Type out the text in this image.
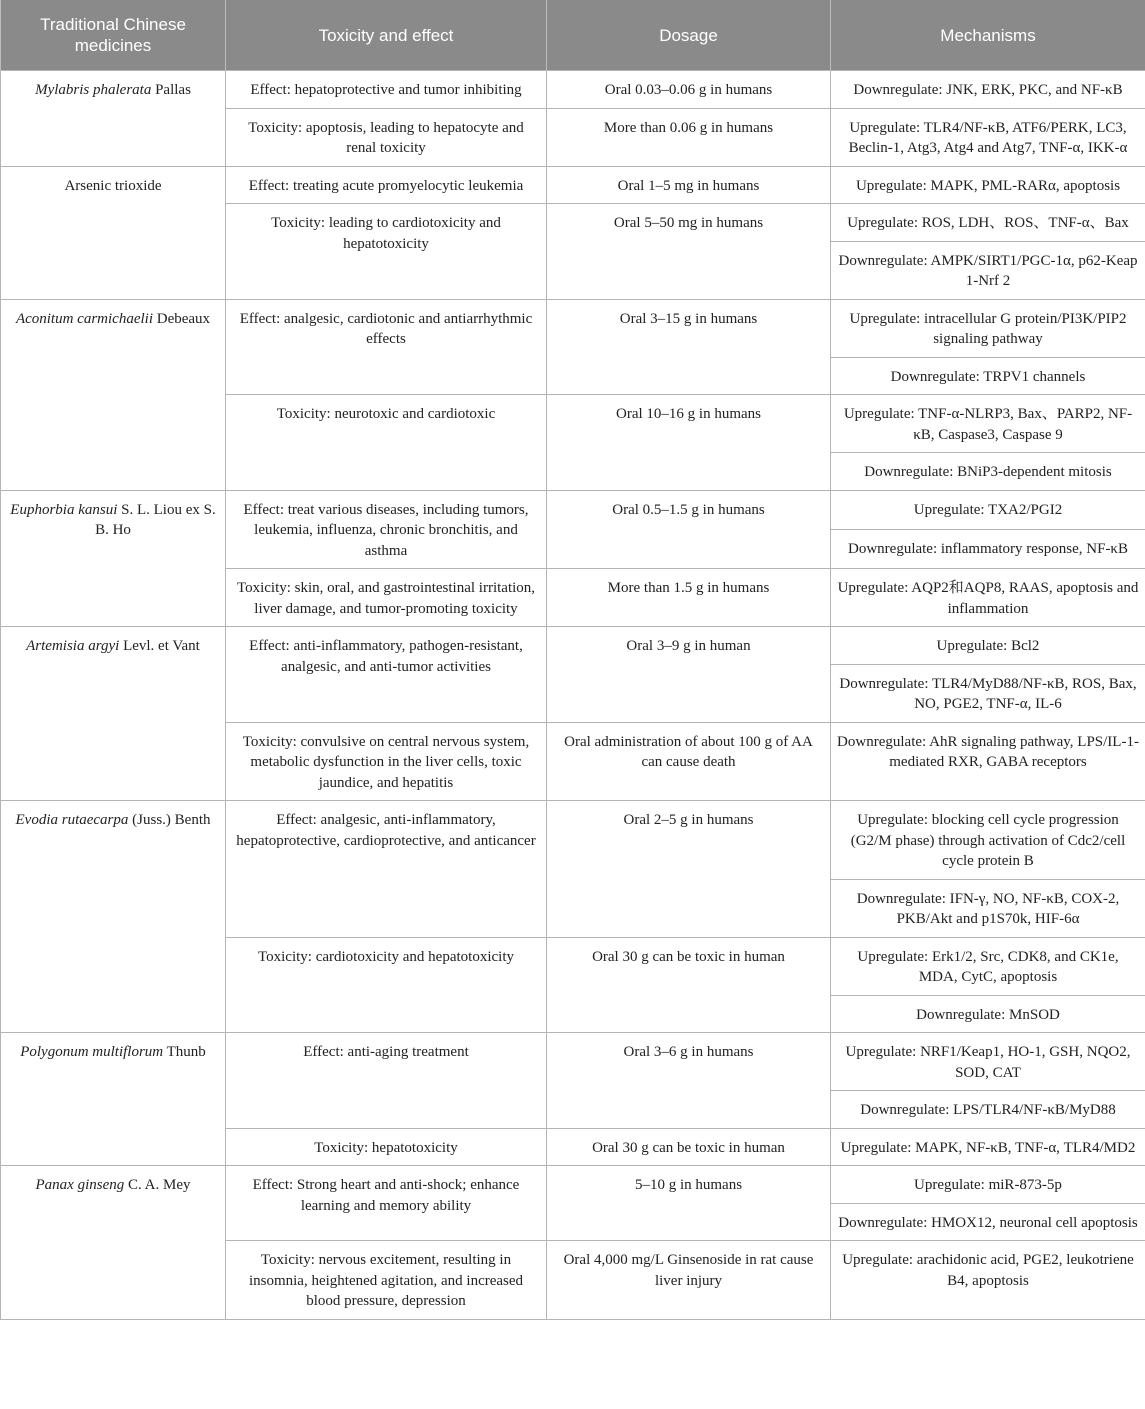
Traditional Chinese medicines	Toxicity and effect	Dosage	Mechanisms
Mylabris phalerata Pallas	Effect: hepatoprotective and tumor inhibiting	Oral 0.03–0.06 g in humans	Downregulate: JNK, ERK, PKC, and NF-κB
	Toxicity: apoptosis, leading to hepatocyte and renal toxicity	More than 0.06 g in humans	Upregulate: TLR4/NF-κB, ATF6/PERK, LC3, Beclin-1, Atg3, Atg4 and Atg7, TNF-α, IKK-α
Arsenic trioxide	Effect: treating acute promyelocytic leukemia	Oral 1–5 mg in humans	Upregulate: MAPK, PML-RARα, apoptosis
	Toxicity: leading to cardiotoxicity and hepatotoxicity	Oral 5–50 mg in humans	Upregulate: ROS, LDH、ROS、TNF-α、Bax
			Downregulate: AMPK/SIRT1/PGC-1α, p62-Keap 1-Nrf 2
Aconitum carmichaelii Debeaux	Effect: analgesic, cardiotonic and antiarrhythmic effects	Oral 3–15 g in humans	Upregulate: intracellular G protein/PI3K/PIP2 signaling pathway
			Downregulate: TRPV1 channels
	Toxicity: neurotoxic and cardiotoxic	Oral 10–16 g in humans	Upregulate: TNF-α-NLRP3, Bax、PARP2, NF-κB, Caspase3, Caspase 9
			Downregulate: BNiP3-dependent mitosis
Euphorbia kansui S. L. Liou ex S. B. Ho	Effect: treat various diseases, including tumors, leukemia, influenza, chronic bronchitis, and asthma	Oral 0.5–1.5 g in humans	Upregulate: TXA2/PGI2
			Downregulate: inflammatory response, NF-κB
	Toxicity: skin, oral, and gastrointestinal irritation, liver damage, and tumor-promoting toxicity	More than 1.5 g in humans	Upregulate: AQP2和AQP8, RAAS, apoptosis and inflammation
Artemisia argyi Levl. et Vant	Effect: anti-inflammatory, pathogen-resistant, analgesic, and anti-tumor activities	Oral 3–9 g in human	Upregulate: Bcl2
			Downregulate: TLR4/MyD88/NF-κB, ROS, Bax, NO, PGE2, TNF-α, IL-6
	Toxicity: convulsive on central nervous system, metabolic dysfunction in the liver cells, toxic jaundice, and hepatitis	Oral administration of about 100 g of AA can cause death	Downregulate: AhR signaling pathway, LPS/IL-1-mediated RXR, GABA receptors
Evodia rutaecarpa (Juss.) Benth	Effect: analgesic, anti-inflammatory, hepatoprotective, cardioprotective, and anticancer	Oral 2–5 g in humans	Upregulate: blocking cell cycle progression (G2/M phase) through activation of Cdc2/cell cycle protein B
			Downregulate: IFN-γ, NO, NF-κB, COX-2, PKB/Akt and p1S70k, HIF-6α
	Toxicity: cardiotoxicity and hepatotoxicity	Oral 30 g can be toxic in human	Upregulate: Erk1/2, Src, CDK8, and CK1e, MDA, CytC, apoptosis
			Downregulate: MnSOD
Polygonum multiflorum Thunb	Effect: anti-aging treatment	Oral 3–6 g in humans	Upregulate: NRF1/Keap1, HO-1, GSH, NQO2, SOD, CAT
			Downregulate: LPS/TLR4/NF-κB/MyD88
	Toxicity: hepatotoxicity	Oral 30 g can be toxic in human	Upregulate: MAPK, NF-κB, TNF-α, TLR4/MD2
Panax ginseng C. A. Mey	Effect: Strong heart and anti-shock; enhance learning and memory ability	5–10 g in humans	Upregulate: miR-873-5p
			Downregulate: HMOX12, neuronal cell apoptosis
	Toxicity: nervous excitement, resulting in insomnia, heightened agitation, and increased blood pressure, depression	Oral 4,000 mg/L Ginsenoside in rat cause liver injury	Upregulate: arachidonic acid, PGE2, leukotriene B4, apoptosis
